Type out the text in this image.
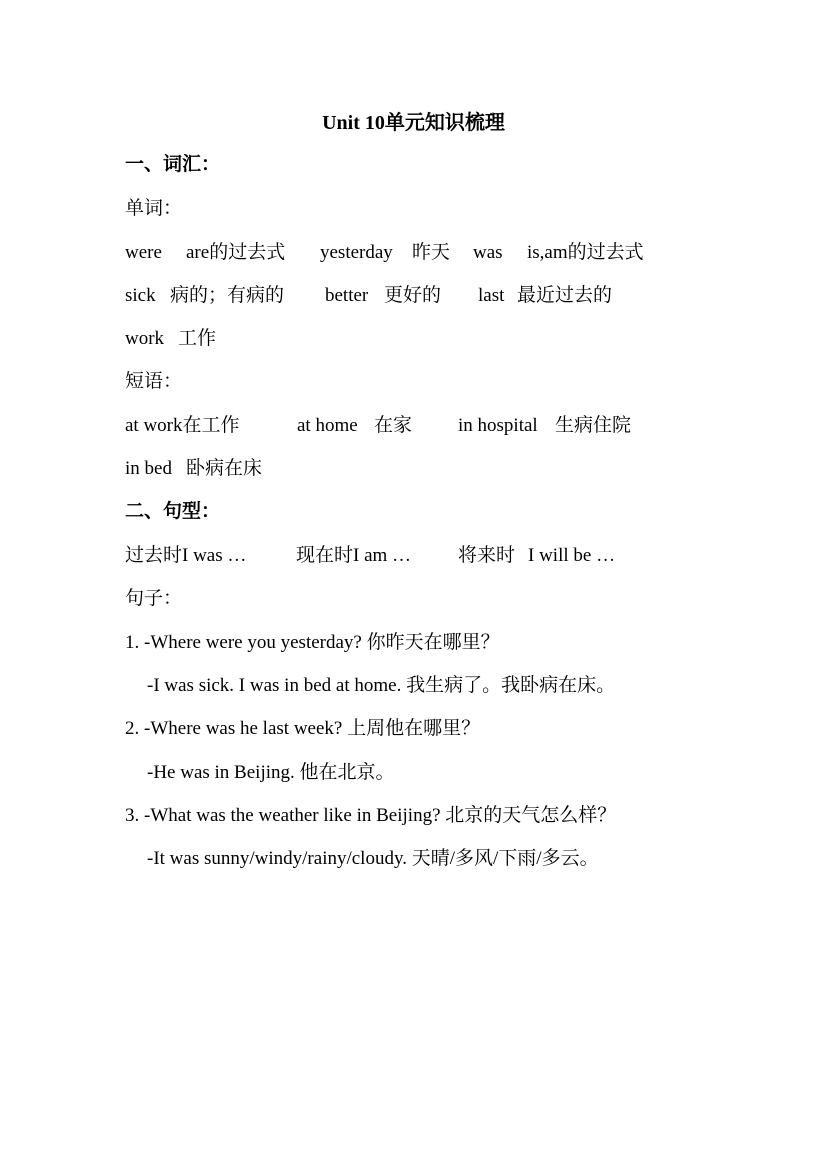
Unit 10单元知识梳理
一、词汇：
单词：
were are的过去式 yesterday 昨天 was is,am的过去式
sick 病的；有病的 better 更好的 last 最近过去的
work 工作
短语：
at work在工作	at home 在家 in hospital 生病住院
in bed 卧病在床
二、句型：
过去时I was …	现在时I am … 将来时 I will be …
句子：
1. -Where were you yesterday? 你昨天在哪里？
-I was sick. I was in bed at home. 我生病了。我卧病在床。
2. -Where was he last week? 上周他在哪里？
-He was in Beijing. 他在北京。
3. -What was the weather like in Beijing? 北京的天气怎么样？
-It was sunny/windy/rainy/cloudy. 天晴/多风/下雨/多云。
